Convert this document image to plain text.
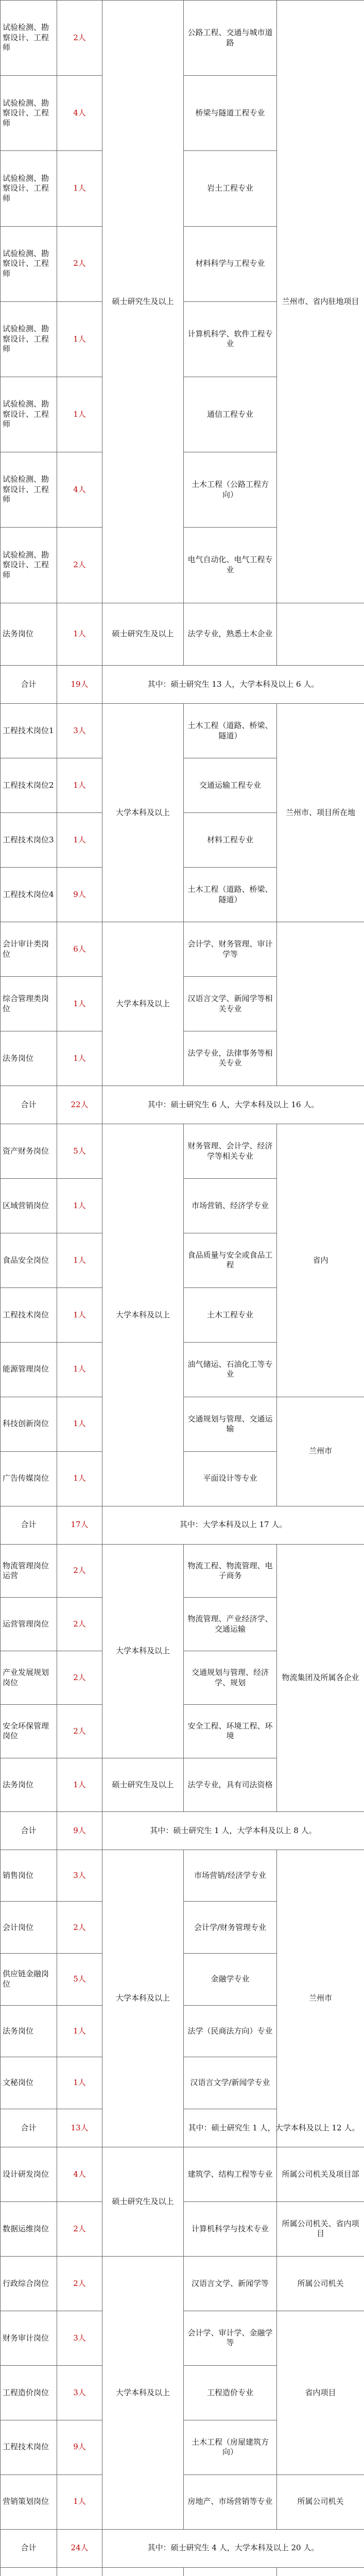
试验检测、勘察设计、工程师	2人	硕士研究生及以上	公路工程、交通与城市道路	兰州市、省内驻地项目
试验检测、勘察设计、工程师	4人		桥梁与隧道工程专业	
试验检测、勘察设计、工程师	1人		岩土工程专业	
试验检测、勘察设计、工程师	2人		材料科学与工程专业	
试验检测、勘察设计、工程师	1人		计算机科学、软件工程专业	
试验检测、勘察设计、工程师	1人		通信工程专业	
试验检测、勘察设计、工程师	4人		土木工程（公路工程方向）	
试验检测、勘察设计、工程师	2人		电气自动化、电气工程专业	
法务岗位	1人	硕士研究生及以上	法学专业，熟悉土木企业	
合计	19人	其中：硕士研究生 13 人，大学本科及以上 6 人。		
工程技术岗位1	3人	大学本科及以上	土木工程（道路、桥梁、隧道）	兰州市、项目所在地
工程技术岗位2	1人		交通运输工程专业	
工程技术岗位3	1人		材料工程专业	
工程技术岗位4	9人		土木工程（道路、桥梁、隧道）	
会计审计类岗位	6人	大学本科及以上	会计学、财务管理、审计学等	
综合管理类岗位	1人		汉语言文学、新闻学等相关专业	
法务岗位	1人		法学专业，法律事务等相关专业	
合计	22人	其中：硕士研究生 6 人，大学本科及以上 16 人。		
资产财务岗位	5人	大学本科及以上	财务管理、会计学、经济学等相关专业	省内
区域营销岗位	1人		市场营销、经济学专业	
食品安全岗位	1人		食品质量与安全或食品工程	
工程技术岗位	1人		土木工程专业	
能源管理岗位	1人		油气储运、石油化工等专业	
科技创新岗位	1人		交通规划与管理、交通运输	兰州市
广告传媒岗位	1人		平面设计等专业	
合计	17人	其中：大学本科及以上 17 人。		
物流管理岗位运营	2人	大学本科及以上	物流工程、物流管理、电子商务	物流集团及所属各企业
运营管理岗位	2人		物流管理、产业经济学、交通运输	
产业发展规划岗位	2人		交通规划与管理、经济学、规划	
安全环保管理岗位	2人		安全工程、环境工程、环境	
法务岗位	1人	硕士研究生及以上	法学专业，具有司法资格	
合计	9人	其中：硕士研究生 1 人，大学本科及以上 8 人。		
销售岗位	3人	大学本科及以上	市场营销/经济学专业	兰州市
会计岗位	2人		会计学/财务管理专业	
供应链金融岗位	5人		金融学专业	
法务岗位	1人		法学（民商法方向）专业	
文秘岗位	1人		汉语言文学/新闻学专业	
合计	13人		其中：硕士研究生 1 人，大学本科及以上 12 人。	
设计研发岗位	4人	硕士研究生及以上	建筑学、结构工程等专业	所属公司机关及项目部
数据运维岗位	2人		计算机科学与技术专业	所属公司机关、省内项目
行政综合岗位	2人	大学本科及以上	汉语言文学、新闻学等	所属公司机关
财务审计岗位	3人		会计学、审计学、金融学等	省内项目
工程造价岗位	3人		工程造价专业	
工程技术岗位	9人		土木工程（房屋建筑方向）	
营销策划岗位	1人		房地产、市场营销等专业	所属公司机关
合计	24人	其中：硕士研究生 4 人，大学本科及以上 20 人。		
